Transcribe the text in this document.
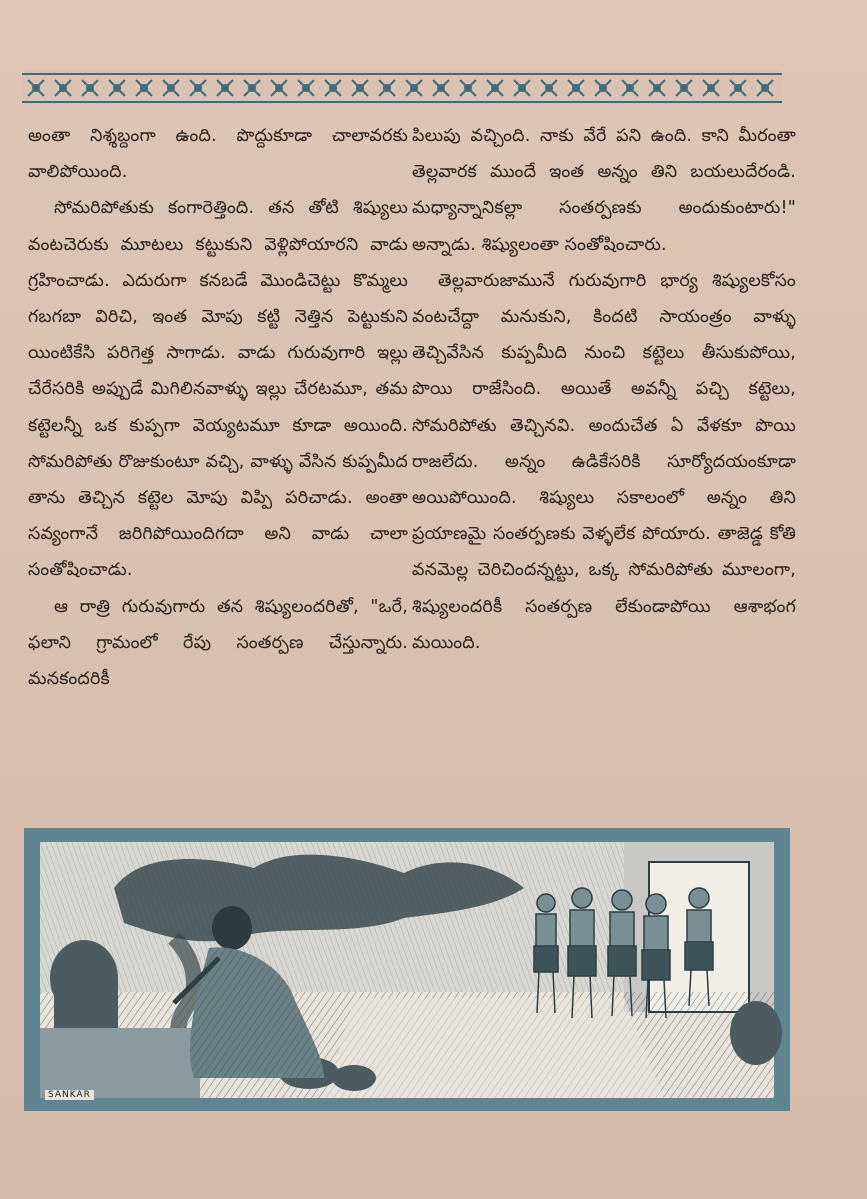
అంతా నిశ్శబ్దంగా ఉంది. పొద్దుకూడా చాలావరకు వాలిపోయింది.

సోమరిపోతుకు కంగారెత్తింది. తన తోటి శిష్యులు వంటచెరుకు మూటలు కట్టుకుని వెళ్లిపోయారని వాడు గ్రహించాడు. ఎదురుగా కనబడే మొండిచెట్టు కొమ్మలు గబగబా విరిచి, ఇంత మోపు కట్టి నెత్తిన పెట్టుకుని యింటికేసి పరిగెత్త సాగాడు. వాడు గురువుగారి ఇల్లు చేరేసరికి అప్పుడే మిగిలినవాళ్ళు ఇల్లు చేరటమూ, తమ కట్టెలన్నీ ఒక కుప్పగా వెయ్యటమూ కూడా అయింది. సోమరిపోతు రొజుకుంటూ వచ్చి, వాళ్ళు వేసిన కుప్పమీద తాను తెచ్చిన కట్టెల మోపు విప్పి పరిచాడు. అంతా సవ్యంగానే జరిగిపోయిందిగదా అని వాడు చాలా సంతోషించాడు.

ఆ రాత్రి గురువుగారు తన శిష్యులందరితో, "ఒరే, ఫలాని గ్రామంలో రేపు సంతర్పణ చేస్తున్నారు. మనకందరికీ

పిలుపు వచ్చింది. నాకు వేరే పని ఉంది. కాని మీరంతా తెల్లవారక ముందే ఇంత అన్నం తిని బయలుదేరండి. మధ్యాన్నానికల్లా సంతర్పణకు అందుకుంటారు!" అన్నాడు. శిష్యులంతా సంతోషించారు.

తెల్లవారుజామునే గురువుగారి భార్య శిష్యులకోసం వంటచేద్దా మనుకుని, కిందటి సాయంత్రం వాళ్ళు తెచ్చివేసిన కుప్పమీది నుంచి కట్టెలు తీసుకుపోయి, పొయి రాజేసింది. అయితే అవన్నీ పచ్చి కట్టెలు, సోమరిపోతు తెచ్చినవి. అందుచేత ఏ వేళకూ పొయి రాజలేదు. అన్నం ఉడికేసరికి సూర్యోదయంకూడా అయిపోయింది. శిష్యులు సకాలంలో అన్నం తిని ప్రయాణమై సంతర్పణకు వెళ్ళలేక పోయారు. తాజెడ్డ కోతి వనమెల్ల చెరిచిందన్నట్టు, ఒక్క సోమరిపోతు మూలంగా, శిష్యులందరికీ సంతర్పణ లేకుండాపోయి ఆశాభంగ మయింది.

SANKAR
